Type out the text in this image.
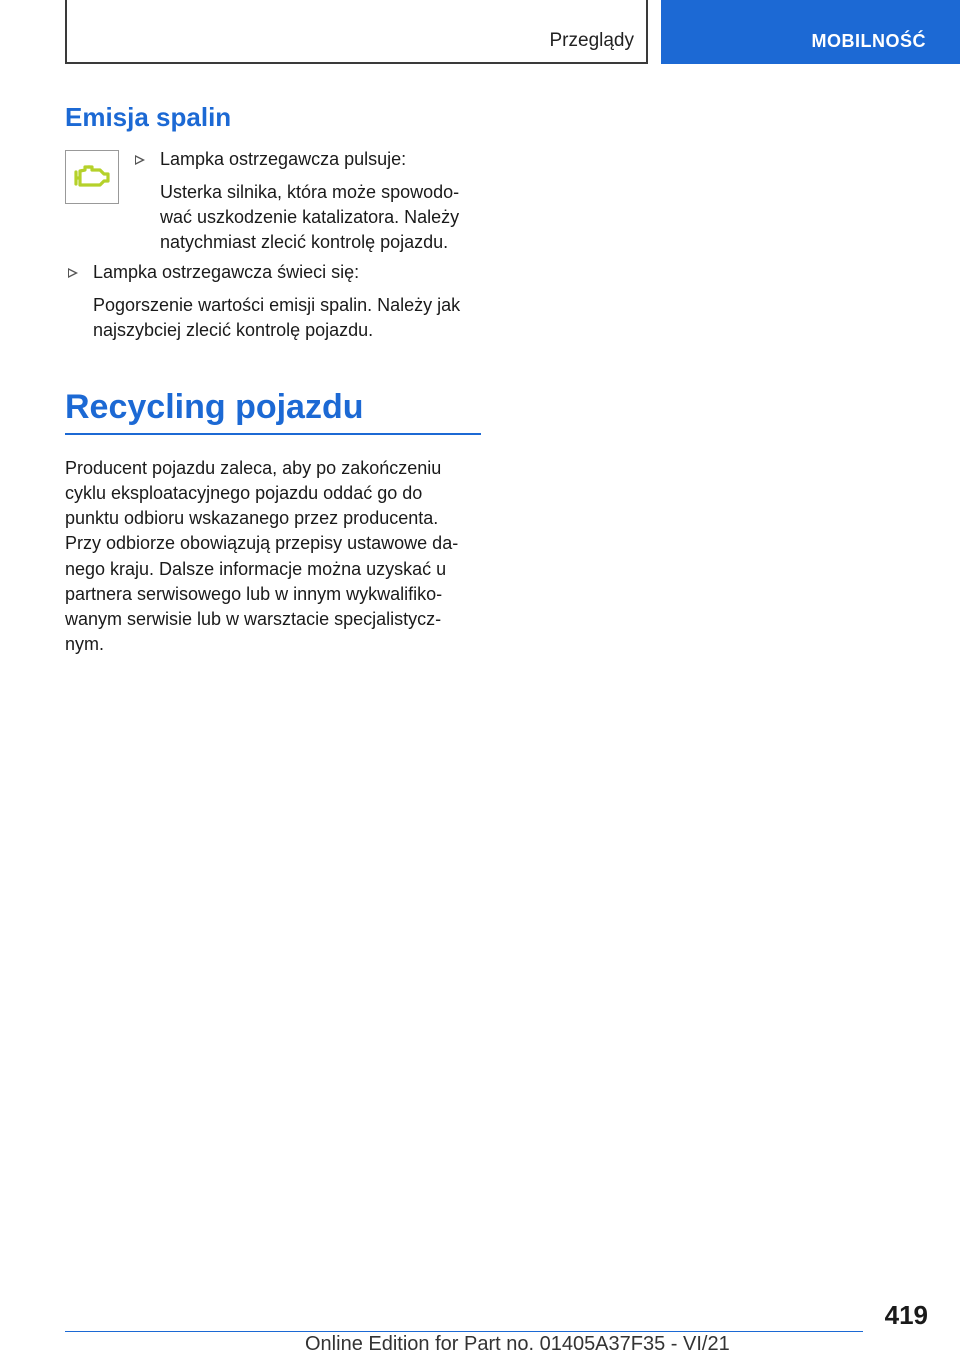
Przeglądy	MOBILNOŚĆ
Emisja spalin
Lampka ostrzegawcza pulsuje:

Usterka silnika, która może spowodo-

wać uszkodzenie katalizatora. Należy

natychmiast zlecić kontrolę pojazdu.

Lampka ostrzegawcza świeci się:

Pogorszenie wartości emisji spalin. Należy jak

najszybciej zlecić kontrolę pojazdu.

Recycling pojazdu

Producent pojazdu zaleca, aby po zakończeniu

cyklu eksploatacyjnego pojazdu oddać go do

punktu odbioru wskazanego przez producenta.

Przy odbiorze obowiązują przepisy ustawowe da-

nego kraju. Dalsze informacje można uzyskać u

partnera serwisowego lub w innym wykwalifiko-

wanym serwisie lub w warsztacie specjalistycz-

nym.

419
Online Edition for Part no. 01405A37F35 - VI/21
